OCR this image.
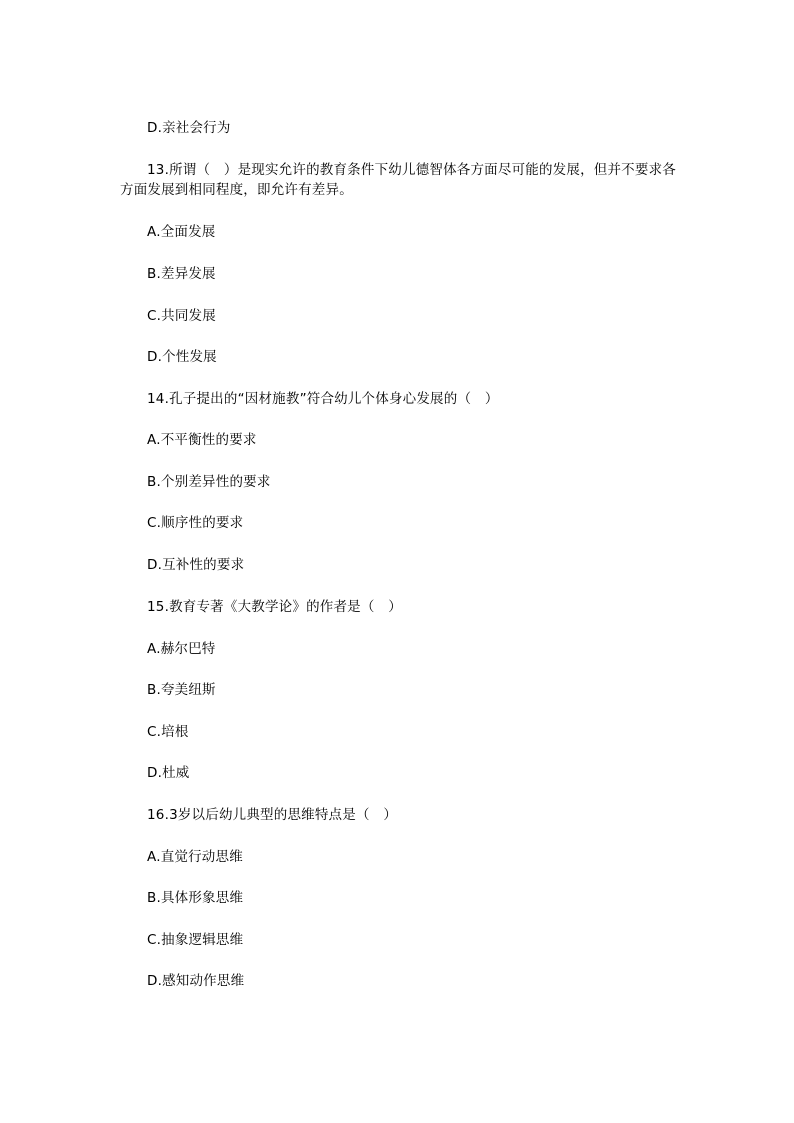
D.亲社会行为
13.所谓（　）是现实允许的教育条件下幼儿德智体各方面尽可能的发展，但并不要求各方面发展到相同程度，即允许有差异。
A.全面发展
B.差异发展
C.共同发展
D.个性发展
14.孔子提出的“因材施教”符合幼儿个体身心发展的（　）
A.不平衡性的要求
B.个别差异性的要求
C.顺序性的要求
D.互补性的要求
15.教育专著《大教学论》的作者是（　）
A.赫尔巴特
B.夸美纽斯
C.培根
D.杜威
16.3岁以后幼儿典型的思维特点是（　）
A.直觉行动思维
B.具体形象思维
C.抽象逻辑思维
D.感知动作思维
